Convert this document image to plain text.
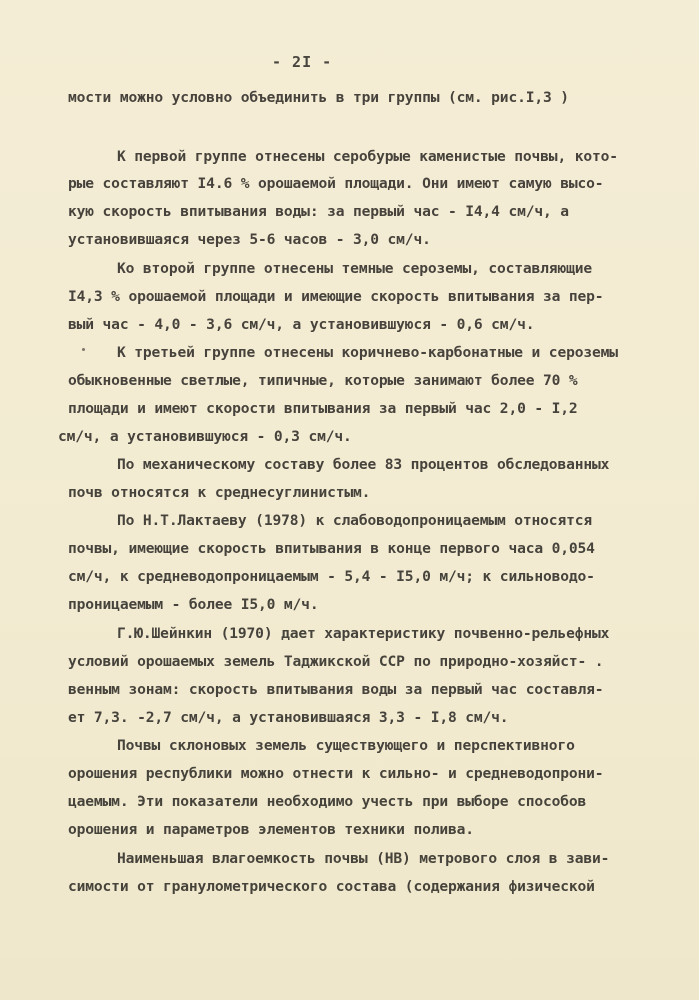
- 2I -

мости можно условно объединить в три группы (см. рис.I,3 )

К первой группе отнесены серобурые каменистые почвы, кото-

рые составляют I4.6 % орошаемой площади. Они имеют самую высо-

кую скорость впитывания воды: за первый час - I4,4 см/ч, а

установившаяся через 5-6 часов - 3,0 см/ч.

Ко второй группе отнесены темные сероземы, составляющие

I4,3 % орошаемой площади и имеющие скорость впитывания за пер-

вый час - 4,0 - 3,6 см/ч, а установившуюся - 0,6 см/ч.

К третьей группе отнесены коричнево-карбонатные и сероземы

обыкновенные светлые, типичные, которые занимают более 70 %

площади и имеют скорости впитывания за первый час 2,0 - I,2

см/ч, а установившуюся - 0,3 см/ч.

По механическому составу более 83 процентов обследованных

почв относятся к среднесуглинистым.

По Н.Т.Лактаеву (1978) к слабоводопроницаемым относятся

почвы, имеющие скорость впитывания в конце первого часа 0,054

см/ч, к средневодопроницаемым - 5,4 - I5,0 м/ч; к сильноводо-

проницаемым - более I5,0 м/ч.

Г.Ю.Шейнкин (1970) дает характеристику почвенно-рельефных

условий орошаемых земель Таджикской ССР по природно-хозяйст- .

венным зонам: скорость впитывания воды за первый час составля-

ет 7,3. -2,7 см/ч, а установившаяся 3,3 - I,8 см/ч.

Почвы склоновых земель существующего и перспективного

орошения республики можно отнести к сильно- и средневодопрони-

цаемым. Эти показатели необходимо учесть при выборе способов

орошения и параметров элементов техники полива.

Наименьшая влагоемкость почвы (НВ) метрового слоя в зави-

симости от гранулометрического состава (содержания физической
